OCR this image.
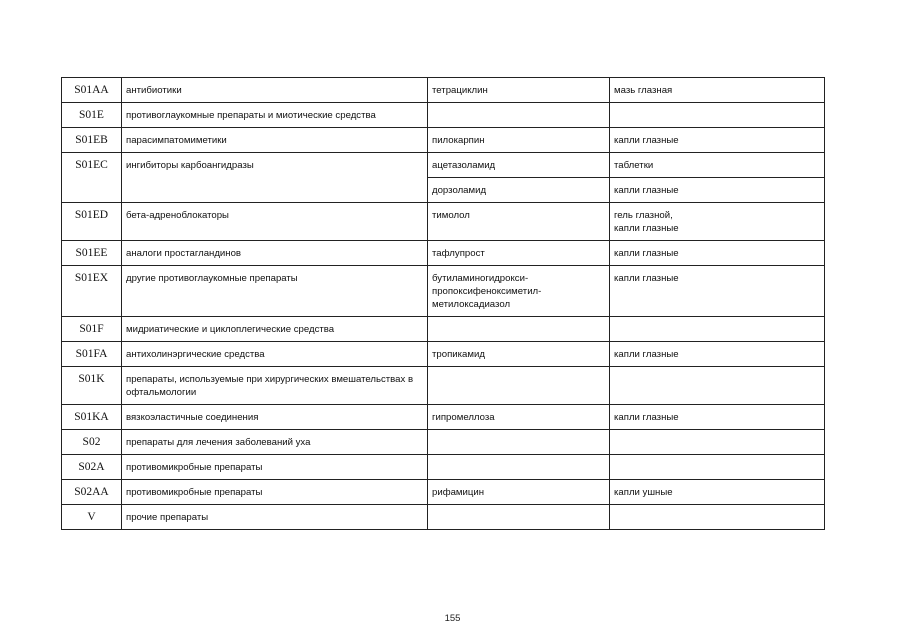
S01AA	антибиотики	тетрациклин	мазь глазная
S01E	противоглаукомные препараты и миотические средства		
S01EB	парасимпатомиметики	пилокарпин	капли глазные
S01EC	ингибиторы карбоангидразы	ацетазоламид	таблетки
		дорзоламид	капли глазные
S01ED	бета-адреноблокаторы	тимолол	гель глазной,
капли глазные
S01EE	аналоги простагландинов	тафлупрост	капли глазные
S01EX	другие противоглаукомные препараты	бутиламиногидрокси-
пропоксифеноксиметил-
метилоксадиазол	капли глазные
S01F	мидриатические и циклоплегические средства		
S01FA	антихолинэргические средства	тропикамид	капли глазные
S01K	препараты, используемые при хирургических вмешательствах в офтальмологии		
S01KA	вязкоэластичные соединения	гипромеллоза	капли глазные
S02	препараты для лечения заболеваний уха		
S02A	противомикробные препараты		
S02AA	противомикробные препараты	рифамицин	капли ушные
V	прочие препараты		
155
